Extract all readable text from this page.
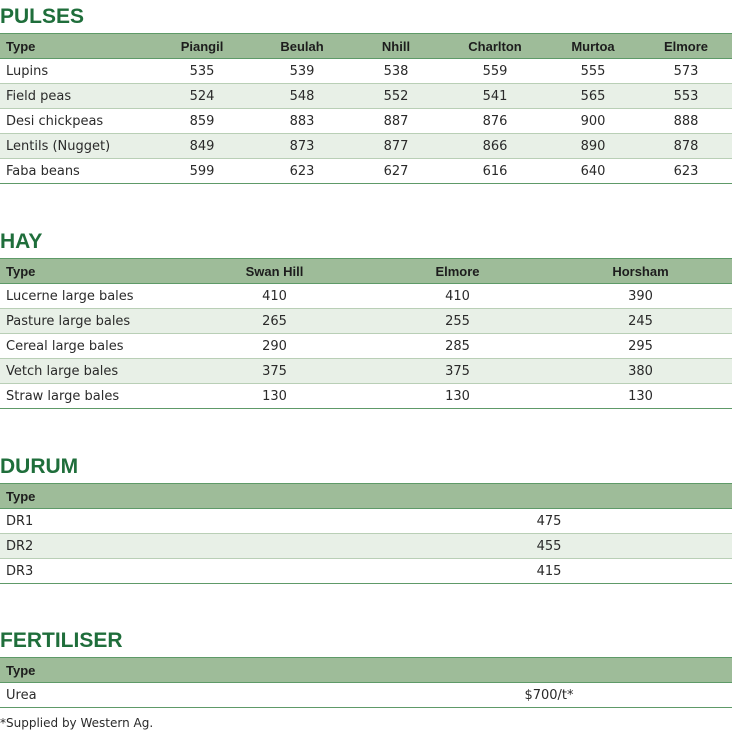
PULSES
Type	Piangil	Beulah	Nhill	Charlton	Murtoa	Elmore
Lupins	535	539	538	559	555	573
Field peas	524	548	552	541	565	553
Desi chickpeas	859	883	887	876	900	888
Lentils (Nugget)	849	873	877	866	890	878
Faba beans	599	623	627	616	640	623
HAY
Type	Swan Hill	Elmore	Horsham
Lucerne large bales	410	410	390
Pasture large bales	265	255	245
Cereal large bales	290	285	295
Vetch large bales	375	375	380
Straw large bales	130	130	130
DURUM
Type	
DR1	475
DR2	455
DR3	415
FERTILISER
Type	
Urea	$700/t*
*Supplied by Western Ag.
